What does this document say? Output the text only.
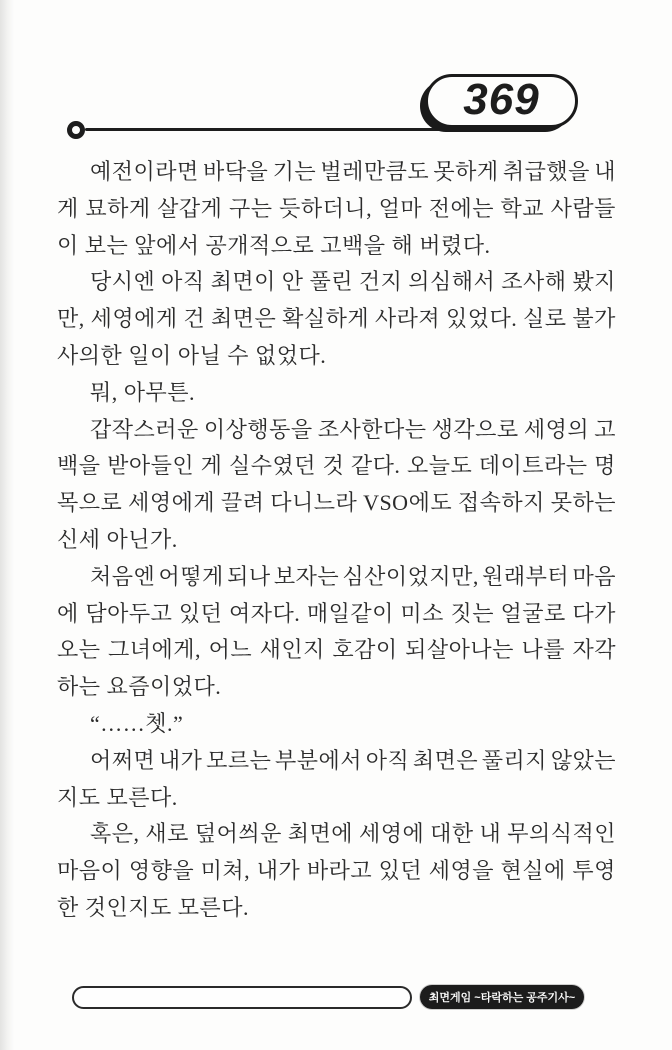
369
예전이라면 바닥을 기는 벌레만큼도 못하게 취급했을 내
게 묘하게 살갑게 구는 듯하더니, 얼마 전에는 학교 사람들
이 보는 앞에서 공개적으로 고백을 해 버렸다.
당시엔 아직 최면이 안 풀린 건지 의심해서 조사해 봤지
만, 세영에게 건 최면은 확실하게 사라져 있었다. 실로 불가
사의한 일이 아닐 수 없었다.
뭐, 아무튼.
갑작스러운 이상행동을 조사한다는 생각으로 세영의 고
백을 받아들인 게 실수였던 것 같다. 오늘도 데이트라는 명
목으로 세영에게 끌려 다니느라 VSO에도 접속하지 못하는
신세 아닌가.
처음엔 어떻게 되나 보자는 심산이었지만, 원래부터 마음
에 담아두고 있던 여자다. 매일같이 미소 짓는 얼굴로 다가
오는 그녀에게, 어느 새인지 호감이 되살아나는 나를 자각
하는 요즘이었다.
“……쳇.”
어쩌면 내가 모르는 부분에서 아직 최면은 풀리지 않았는
지도 모른다.
혹은, 새로 덮어씌운 최면에 세영에 대한 내 무의식적인
마음이 영향을 미쳐, 내가 바라고 있던 세영을 현실에 투영
한 것인지도 모른다.
최면게임 ~타락하는 공주기사~
